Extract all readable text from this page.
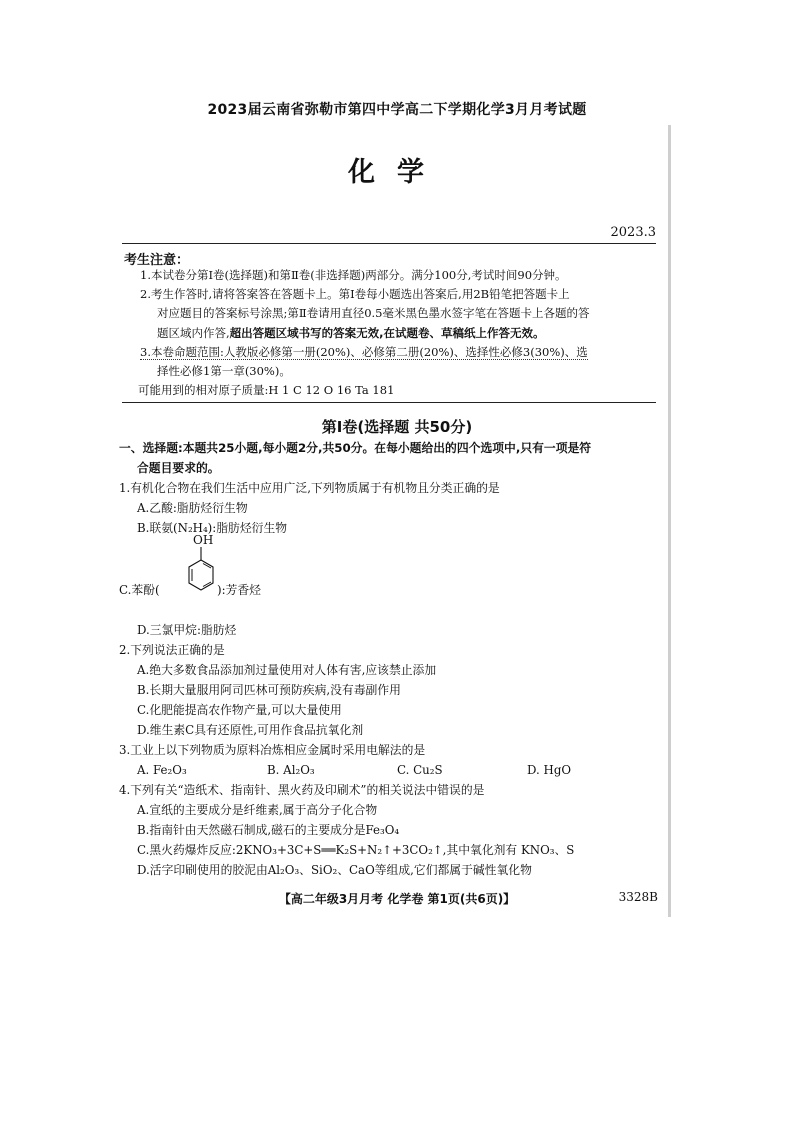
2023届云南省弥勒市第四中学高二下学期化学3月月考试题
化学
2023.3
考生注意：

1.本试卷分第Ⅰ卷(选择题)和第Ⅱ卷(非选择题)两部分。满分100分,考试时间90分钟。

2.考生作答时,请将答案答在答题卡上。第Ⅰ卷每小题选出答案后,用2B铅笔把答题卡上

对应题目的答案标号涂黑;第Ⅱ卷请用直径0.5毫米黑色墨水签字笔在答题卡上各题的答

题区域内作答,超出答题区域书写的答案无效,在试题卷、草稿纸上作答无效。

3.本卷命题范围:人教版必修第一册(20%)、必修第二册(20%)、选择性必修3(30%)、选

择性必修1第一章(30%)。

可能用到的相对原子质量:H 1 C 12 O 16 Ta 181

第Ⅰ卷(选择题 共50分)

一、选择题:本题共25小题,每小题2分,共50分。在每小题给出的四个选项中,只有一项是符

合题目要求的。

1.有机化合物在我们生活中应用广泛,下列物质属于有机物且分类正确的是

A.乙酸:脂肪烃衍生物

B.联氨(N₂H₄):脂肪烃衍生物

OH
C.苯酚(	):芳香烃

D.三氯甲烷:脂肪烃

2.下列说法正确的是

A.绝大多数食品添加剂过量使用对人体有害,应该禁止添加

B.长期大量服用阿司匹林可预防疾病,没有毒副作用

C.化肥能提高农作物产量,可以大量使用

D.维生素C具有还原性,可用作食品抗氧化剂

3.工业上以下列物质为原料冶炼相应金属时采用电解法的是

A. Fe₂O₃	B. Al₂O₃	C. Cu₂S	D. HgO

4.下列有关“造纸术、指南针、黑火药及印刷术”的相关说法中错误的是

A.宣纸的主要成分是纤维素,属于高分子化合物

B.指南针由天然磁石制成,磁石的主要成分是Fe₃O₄

C.黑火药爆炸反应:2KNO₃+3C+S══K₂S+N₂↑+3CO₂↑,其中氧化剂有 KNO₃、S

D.活字印刷使用的胶泥由Al₂O₃、SiO₂、CaO等组成,它们都属于碱性氧化物

【高二年级3月月考 化学卷 第1页(共6页)】	3328B
